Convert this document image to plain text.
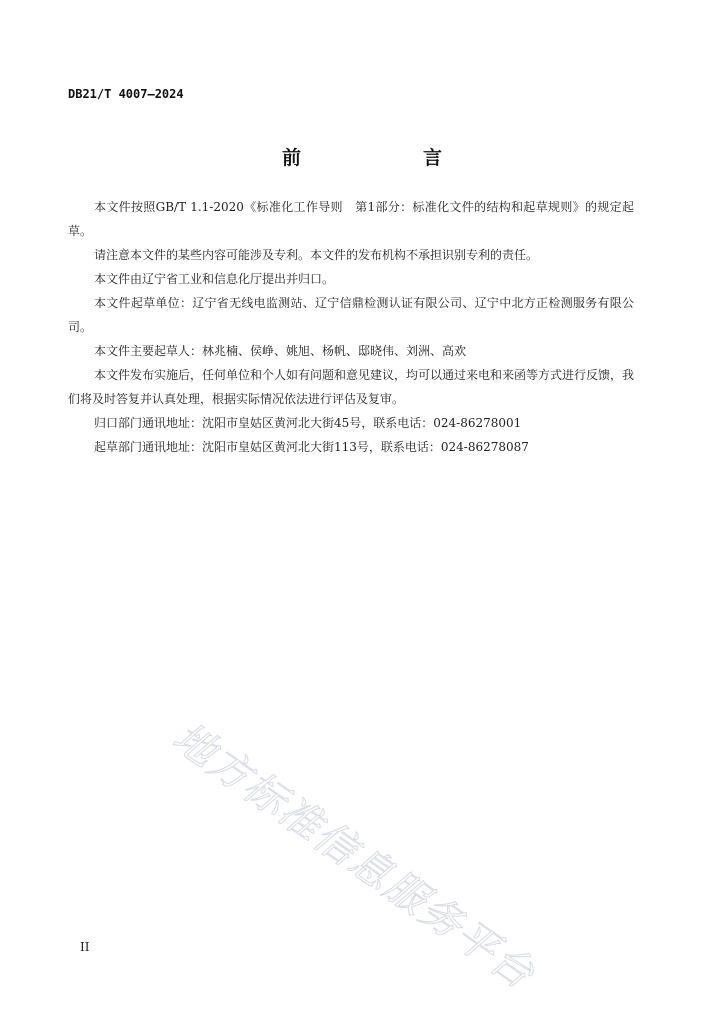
DB21/T 4007—2024
前　　言

本文件按照GB/T 1.1-2020《标准化工作导则　第1部分：标准化文件的结构和起草规则》的规定起草。

请注意本文件的某些内容可能涉及专利。本文件的发布机构不承担识别专利的责任。

本文件由辽宁省工业和信息化厅提出并归口。

本文件起草单位：辽宁省无线电监测站、辽宁信鼎检测认证有限公司、辽宁中北方正检测服务有限公司。

本文件主要起草人：林兆楠、侯峥、姚旭、杨帆、邸晓伟、刘洲、高欢

本文件发布实施后，任何单位和个人如有问题和意见建议，均可以通过来电和来函等方式进行反馈，我们将及时答复并认真处理，根据实际情况依法进行评估及复审。

归口部门通讯地址：沈阳市皇姑区黄河北大街45号，联系电话：024-86278001

起草部门通讯地址：沈阳市皇姑区黄河北大街113号，联系电话：024-86278087

地方标准信息服务平台
II
